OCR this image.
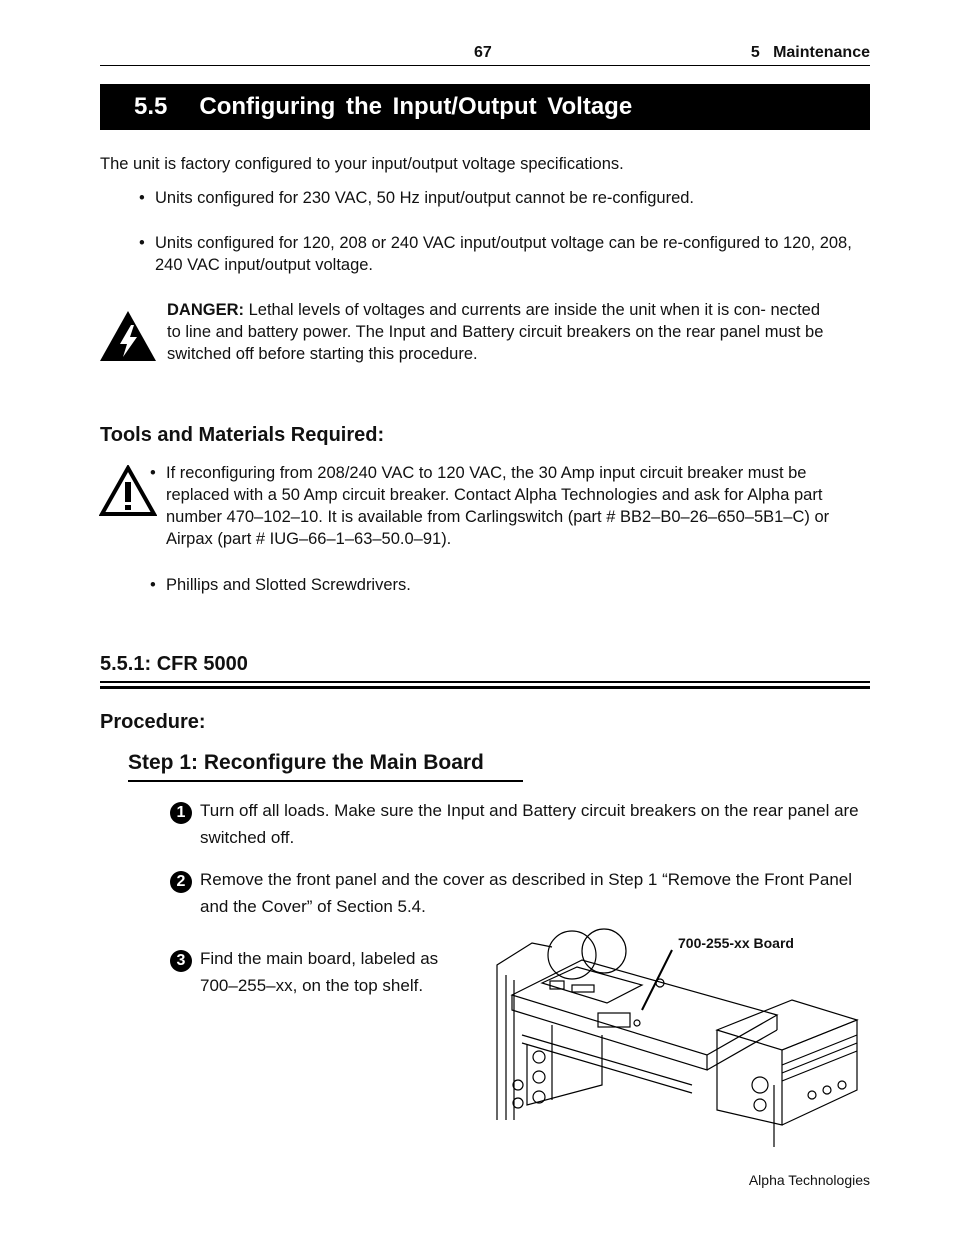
67	5   Maintenance
5.5   Configuring the Input/Output Voltage
The unit is factory configured to your input/output voltage specifications.
• Units configured for 230 VAC, 50 Hz input/output cannot be re-configured.
• Units configured for 120, 208 or 240 VAC input/output voltage can be re-configured to 120, 208, 240 VAC input/output voltage.
DANGER: Lethal levels of voltages and currents are inside the unit when it is con- nected to line and battery power. The Input and Battery circuit breakers on the rear panel must be switched off before starting this procedure.
Tools and Materials Required:
• If reconfiguring from 208/240 VAC to 120 VAC, the 30 Amp input circuit breaker must be replaced with a 50 Amp circuit breaker. Contact Alpha Technologies and ask for Alpha part number 470–102–10. It is available from Carlingswitch (part # BB2–B0–26–650–5B1–C) or Airpax (part # IUG–66–1–63–50.0–91).
• Phillips and Slotted Screwdrivers.
5.5.1: CFR 5000
Procedure:
Step 1: Reconfigure the Main Board
1 Turn off all loads. Make sure the Input and Battery circuit breakers on the rear panel are switched off.
2 Remove the front panel and the cover as described in Step 1 “Remove the Front Panel and the Cover” of Section 5.4.
3 Find the main board, labeled as 700–255–xx, on the top shelf.
700-255-xx Board
Alpha Technologies
